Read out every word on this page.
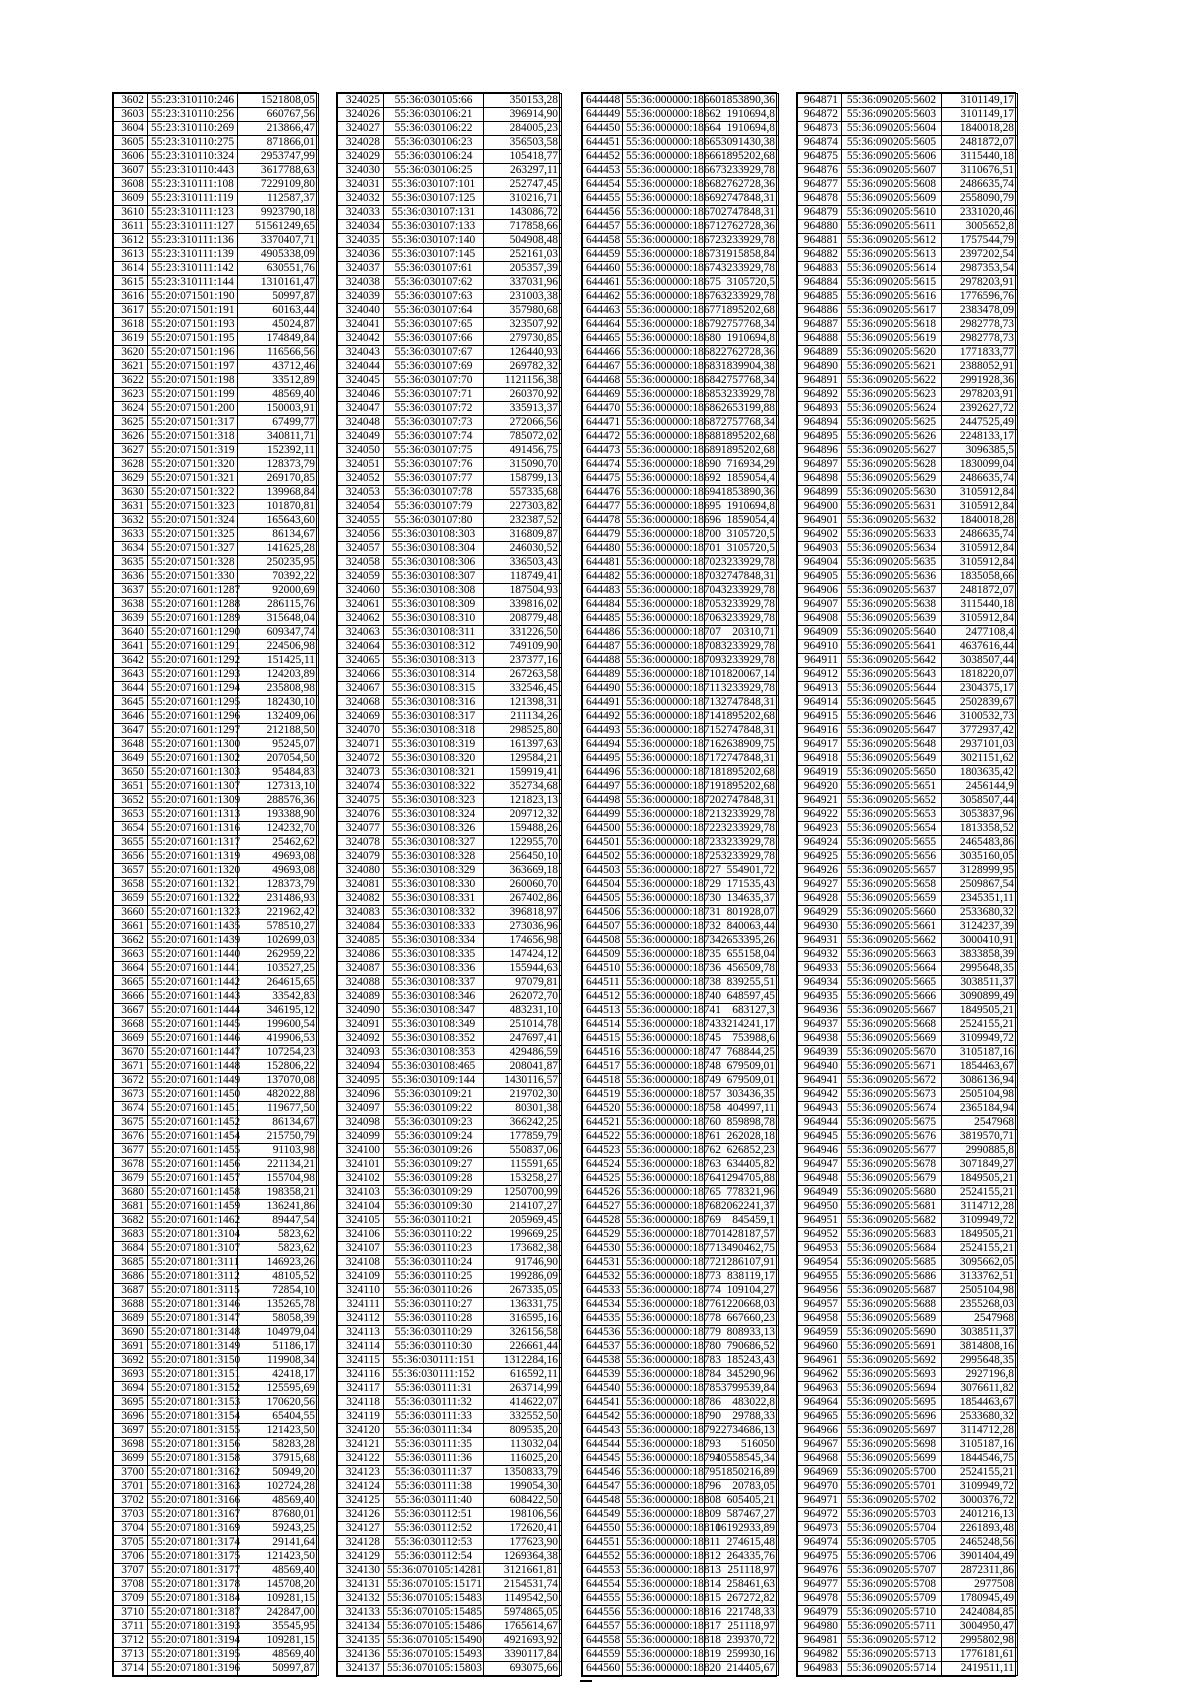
3602	55:23:310110:246	1521808,05
3603	55:23:310110:256	660767,56
3604	55:23:310110:269	213866,47
3605	55:23:310110:275	871866,01
3606	55:23:310110:324	2953747,99
3607	55:23:310110:443	3617788,63
3608	55:23:310111:108	7229109,80
3609	55:23:310111:119	112587,37
3610	55:23:310111:123	9923790,18
3611	55:23:310111:127	51561249,65
3612	55:23:310111:136	3370407,71
3613	55:23:310111:139	4905338,09
3614	55:23:310111:142	630551,76
3615	55:23:310111:144	1310161,47
3616	55:20:071501:190	50997,87
3617	55:20:071501:191	60163,44
3618	55:20:071501:193	45024,87
3619	55:20:071501:195	174849,84
3620	55:20:071501:196	116566,56
3621	55:20:071501:197	43712,46
3622	55:20:071501:198	33512,89
3623	55:20:071501:199	48569,40
3624	55:20:071501:200	150003,91
3625	55:20:071501:317	67499,77
3626	55:20:071501:318	340811,71
3627	55:20:071501:319	152392,11
3628	55:20:071501:320	128373,79
3629	55:20:071501:321	269170,85
3630	55:20:071501:322	139968,84
3631	55:20:071501:323	101870,81
3632	55:20:071501:324	165643,60
3633	55:20:071501:325	86134,67
3634	55:20:071501:327	141625,28
3635	55:20:071501:328	250235,95
3636	55:20:071501:330	70392,22
3637	55:20:071601:1287	92000,69
3638	55:20:071601:1288	286115,76
3639	55:20:071601:1289	315648,04
3640	55:20:071601:1290	609347,74
3641	55:20:071601:1291	224506,98
3642	55:20:071601:1292	151425,11
3643	55:20:071601:1293	124203,89
3644	55:20:071601:1294	235808,98
3645	55:20:071601:1295	182430,10
3646	55:20:071601:1296	132409,06
3647	55:20:071601:1297	212188,50
3648	55:20:071601:1300	95245,07
3649	55:20:071601:1302	207054,50
3650	55:20:071601:1303	95484,83
3651	55:20:071601:1307	127313,10
3652	55:20:071601:1309	288576,36
3653	55:20:071601:1313	193388,90
3654	55:20:071601:1316	124232,70
3655	55:20:071601:1317	25462,62
3656	55:20:071601:1319	49693,08
3657	55:20:071601:1320	49693,08
3658	55:20:071601:1321	128373,79
3659	55:20:071601:1322	231486,93
3660	55:20:071601:1323	221962,42
3661	55:20:071601:1435	578510,27
3662	55:20:071601:1439	102699,03
3663	55:20:071601:1440	262959,22
3664	55:20:071601:1441	103527,25
3665	55:20:071601:1442	264615,65
3666	55:20:071601:1443	33542,83
3667	55:20:071601:1444	346195,12
3668	55:20:071601:1445	199600,54
3669	55:20:071601:1446	419906,53
3670	55:20:071601:1447	107254,23
3671	55:20:071601:1448	152806,22
3672	55:20:071601:1449	137070,08
3673	55:20:071601:1450	482022,88
3674	55:20:071601:1451	119677,50
3675	55:20:071601:1452	86134,67
3676	55:20:071601:1454	215750,79
3677	55:20:071601:1455	91103,98
3678	55:20:071601:1456	221134,21
3679	55:20:071601:1457	155704,98
3680	55:20:071601:1458	198358,21
3681	55:20:071601:1459	136241,86
3682	55:20:071601:1462	89447,54
3683	55:20:071801:3104	5823,62
3684	55:20:071801:3107	5823,62
3685	55:20:071801:3111	146923,26
3686	55:20:071801:3112	48105,52
3687	55:20:071801:3115	72854,10
3688	55:20:071801:3146	135265,78
3689	55:20:071801:3147	58058,39
3690	55:20:071801:3148	104979,04
3691	55:20:071801:3149	51186,17
3692	55:20:071801:3150	119908,34
3693	55:20:071801:3151	42418,17
3694	55:20:071801:3152	125595,69
3695	55:20:071801:3153	170620,56
3696	55:20:071801:3154	65404,55
3697	55:20:071801:3155	121423,50
3698	55:20:071801:3156	58283,28
3699	55:20:071801:3158	37915,68
3700	55:20:071801:3162	50949,20
3701	55:20:071801:3163	102724,28
3702	55:20:071801:3166	48569,40
3703	55:20:071801:3167	87680,01
3704	55:20:071801:3169	59243,25
3705	55:20:071801:3174	29141,64
3706	55:20:071801:3175	121423,50
3707	55:20:071801:3177	48569,40
3708	55:20:071801:3178	145708,20
3709	55:20:071801:3184	109281,15
3710	55:20:071801:3187	242847,00
3711	55:20:071801:3193	35545,95
3712	55:20:071801:3194	109281,15
3713	55:20:071801:3195	48569,40
3714	55:20:071801:3196	50997,87
324025	55:36:030105:66	350153,28
324026	55:36:030106:21	396914,90
324027	55:36:030106:22	284005,23
324028	55:36:030106:23	356503,58
324029	55:36:030106:24	105418,77
324030	55:36:030106:25	263297,11
324031	55:36:030107:101	252747,45
324032	55:36:030107:125	310216,71
324033	55:36:030107:131	143086,72
324034	55:36:030107:133	717858,66
324035	55:36:030107:140	504908,48
324036	55:36:030107:145	252161,03
324037	55:36:030107:61	205357,39
324038	55:36:030107:62	337031,96
324039	55:36:030107:63	231003,38
324040	55:36:030107:64	357980,68
324041	55:36:030107:65	323507,92
324042	55:36:030107:66	279730,85
324043	55:36:030107:67	126440,93
324044	55:36:030107:69	269782,32
324045	55:36:030107:70	1121156,38
324046	55:36:030107:71	260370,92
324047	55:36:030107:72	335913,37
324048	55:36:030107:73	272066,56
324049	55:36:030107:74	785072,02
324050	55:36:030107:75	491456,75
324051	55:36:030107:76	315090,70
324052	55:36:030107:77	158799,13
324053	55:36:030107:78	557335,68
324054	55:36:030107:79	227303,82
324055	55:36:030107:80	232387,52
324056	55:36:030108:303	316809,87
324057	55:36:030108:304	246030,52
324058	55:36:030108:306	336503,43
324059	55:36:030108:307	118749,41
324060	55:36:030108:308	187504,93
324061	55:36:030108:309	339816,02
324062	55:36:030108:310	208779,48
324063	55:36:030108:311	331226,50
324064	55:36:030108:312	749109,90
324065	55:36:030108:313	237377,16
324066	55:36:030108:314	267263,58
324067	55:36:030108:315	332546,45
324068	55:36:030108:316	121398,31
324069	55:36:030108:317	211134,26
324070	55:36:030108:318	298525,80
324071	55:36:030108:319	161397,63
324072	55:36:030108:320	129584,21
324073	55:36:030108:321	159919,41
324074	55:36:030108:322	352734,68
324075	55:36:030108:323	121823,13
324076	55:36:030108:324	209712,32
324077	55:36:030108:326	159488,26
324078	55:36:030108:327	122955,70
324079	55:36:030108:328	256450,10
324080	55:36:030108:329	363669,18
324081	55:36:030108:330	260060,70
324082	55:36:030108:331	267402,86
324083	55:36:030108:332	396818,97
324084	55:36:030108:333	273036,96
324085	55:36:030108:334	174656,98
324086	55:36:030108:335	147424,12
324087	55:36:030108:336	155944,63
324088	55:36:030108:337	97079,81
324089	55:36:030108:346	262072,70
324090	55:36:030108:347	483231,10
324091	55:36:030108:349	251014,78
324092	55:36:030108:352	247697,41
324093	55:36:030108:353	429486,59
324094	55:36:030108:465	208041,87
324095	55:36:030109:144	1430116,57
324096	55:36:030109:21	219702,30
324097	55:36:030109:22	80301,38
324098	55:36:030109:23	366242,25
324099	55:36:030109:24	177859,79
324100	55:36:030109:26	550837,06
324101	55:36:030109:27	115591,65
324102	55:36:030109:28	153258,27
324103	55:36:030109:29	1250700,99
324104	55:36:030109:30	214107,27
324105	55:36:030110:21	205969,45
324106	55:36:030110:22	199669,25
324107	55:36:030110:23	173682,38
324108	55:36:030110:24	91746,90
324109	55:36:030110:25	199286,09
324110	55:36:030110:26	267335,05
324111	55:36:030110:27	136331,75
324112	55:36:030110:28	316595,16
324113	55:36:030110:29	326156,58
324114	55:36:030110:30	226661,44
324115	55:36:030111:151	1312284,16
324116	55:36:030111:152	616592,11
324117	55:36:030111:31	263714,99
324118	55:36:030111:32	414622,07
324119	55:36:030111:33	332552,50
324120	55:36:030111:34	809535,20
324121	55:36:030111:35	113032,04
324122	55:36:030111:36	116025,20
324123	55:36:030111:37	1350833,79
324124	55:36:030111:38	199054,30
324125	55:36:030111:40	608422,50
324126	55:36:030112:51	198106,56
324127	55:36:030112:52	172620,41
324128	55:36:030112:53	177623,90
324129	55:36:030112:54	1269364,38
324130	55:36:070105:14281	3121661,81
324131	55:36:070105:15171	2154531,74
324132	55:36:070105:15483	1149542,50
324133	55:36:070105:15485	5974865,05
324134	55:36:070105:15486	1765614,67
324135	55:36:070105:15490	4921693,92
324136	55:36:070105:15493	3390117,84
324137	55:36:070105:15803	693075,66
644448	55:36:000000:18660	1853890,36
644449	55:36:000000:18662	1910694,8
644450	55:36:000000:18664	1910694,8
644451	55:36:000000:18665	3091430,38
644452	55:36:000000:18666	1895202,68
644453	55:36:000000:18667	3233929,78
644454	55:36:000000:18668	2762728,36
644455	55:36:000000:18669	2747848,31
644456	55:36:000000:18670	2747848,31
644457	55:36:000000:18671	2762728,36
644458	55:36:000000:18672	3233929,78
644459	55:36:000000:18673	1915858,84
644460	55:36:000000:18674	3233929,78
644461	55:36:000000:18675	3105720,5
644462	55:36:000000:18676	3233929,78
644463	55:36:000000:18677	1895202,68
644464	55:36:000000:18679	2757768,34
644465	55:36:000000:18680	1910694,8
644466	55:36:000000:18682	2762728,36
644467	55:36:000000:18683	1839904,38
644468	55:36:000000:18684	2757768,34
644469	55:36:000000:18685	3233929,78
644470	55:36:000000:18686	2653199,88
644471	55:36:000000:18687	2757768,34
644472	55:36:000000:18688	1895202,68
644473	55:36:000000:18689	1895202,68
644474	55:36:000000:18690	716934,29
644475	55:36:000000:18692	1859054,4
644476	55:36:000000:18694	1853890,36
644477	55:36:000000:18695	1910694,8
644478	55:36:000000:18696	1859054,4
644479	55:36:000000:18700	3105720,5
644480	55:36:000000:18701	3105720,5
644481	55:36:000000:18702	3233929,78
644482	55:36:000000:18703	2747848,31
644483	55:36:000000:18704	3233929,78
644484	55:36:000000:18705	3233929,78
644485	55:36:000000:18706	3233929,78
644486	55:36:000000:18707	20310,71
644487	55:36:000000:18708	3233929,78
644488	55:36:000000:18709	3233929,78
644489	55:36:000000:18710	1820067,14
644490	55:36:000000:18711	3233929,78
644491	55:36:000000:18713	2747848,31
644492	55:36:000000:18714	1895202,68
644493	55:36:000000:18715	2747848,31
644494	55:36:000000:18716	2638909,75
644495	55:36:000000:18717	2747848,31
644496	55:36:000000:18718	1895202,68
644497	55:36:000000:18719	1895202,68
644498	55:36:000000:18720	2747848,31
644499	55:36:000000:18721	3233929,78
644500	55:36:000000:18722	3233929,78
644501	55:36:000000:18723	3233929,78
644502	55:36:000000:18725	3233929,78
644503	55:36:000000:18727	554901,72
644504	55:36:000000:18729	171535,43
644505	55:36:000000:18730	134635,37
644506	55:36:000000:18731	801928,07
644507	55:36:000000:18732	840063,44
644508	55:36:000000:18734	2653395,26
644509	55:36:000000:18735	655158,04
644510	55:36:000000:18736	456509,78
644511	55:36:000000:18738	839255,51
644512	55:36:000000:18740	648597,45
644513	55:36:000000:18741	683127,3
644514	55:36:000000:18743	3214241,17
644515	55:36:000000:18745	753988,6
644516	55:36:000000:18747	768844,25
644517	55:36:000000:18748	679509,01
644518	55:36:000000:18749	679509,01
644519	55:36:000000:18757	303436,35
644520	55:36:000000:18758	404997,11
644521	55:36:000000:18760	859898,78
644522	55:36:000000:18761	262028,18
644523	55:36:000000:18762	626852,23
644524	55:36:000000:18763	634405,82
644525	55:36:000000:18764	1294705,88
644526	55:36:000000:18765	778321,96
644527	55:36:000000:18768	2062241,37
644528	55:36:000000:18769	845459,1
644529	55:36:000000:18770	1428187,57
644530	55:36:000000:18771	3490462,75
644531	55:36:000000:18772	1286107,91
644532	55:36:000000:18773	838119,17
644533	55:36:000000:18774	109104,27
644534	55:36:000000:18776	1220668,03
644535	55:36:000000:18778	667660,23
644536	55:36:000000:18779	808933,13
644537	55:36:000000:18780	790686,52
644538	55:36:000000:18783	185243,43
644539	55:36:000000:18784	345290,96
644540	55:36:000000:18785	3799539,84
644541	55:36:000000:18786	483022,8
644542	55:36:000000:18790	29788,33
644543	55:36:000000:18792	2734686,13
644544	55:36:000000:18793	516050
644545	55:36:000000:18794	10558545,34
644546	55:36:000000:18795	1850216,89
644547	55:36:000000:18796	20783,05
644548	55:36:000000:18808	605405,21
644549	55:36:000000:18809	587467,27
644550	55:36:000000:18810	16192933,89
644551	55:36:000000:18811	274615,48
644552	55:36:000000:18812	264335,76
644553	55:36:000000:18813	251118,97
644554	55:36:000000:18814	258461,63
644555	55:36:000000:18815	267272,82
644556	55:36:000000:18816	221748,33
644557	55:36:000000:18817	251118,97
644558	55:36:000000:18818	239370,72
644559	55:36:000000:18819	259930,16
644560	55:36:000000:18820	214405,67
964871	55:36:090205:5602	3101149,17
964872	55:36:090205:5603	3101149,17
964873	55:36:090205:5604	1840018,28
964874	55:36:090205:5605	2481872,07
964875	55:36:090205:5606	3115440,18
964876	55:36:090205:5607	3110676,51
964877	55:36:090205:5608	2486635,74
964878	55:36:090205:5609	2558090,79
964879	55:36:090205:5610	2331020,46
964880	55:36:090205:5611	3005652,8
964881	55:36:090205:5612	1757544,79
964882	55:36:090205:5613	2397202,54
964883	55:36:090205:5614	2987353,54
964884	55:36:090205:5615	2978203,91
964885	55:36:090205:5616	1776596,76
964886	55:36:090205:5617	2383478,09
964887	55:36:090205:5618	2982778,73
964888	55:36:090205:5619	2982778,73
964889	55:36:090205:5620	1771833,77
964890	55:36:090205:5621	2388052,91
964891	55:36:090205:5622	2991928,36
964892	55:36:090205:5623	2978203,91
964893	55:36:090205:5624	2392627,72
964894	55:36:090205:5625	2447525,49
964895	55:36:090205:5626	2248133,17
964896	55:36:090205:5627	3096385,5
964897	55:36:090205:5628	1830099,04
964898	55:36:090205:5629	2486635,74
964899	55:36:090205:5630	3105912,84
964900	55:36:090205:5631	3105912,84
964901	55:36:090205:5632	1840018,28
964902	55:36:090205:5633	2486635,74
964903	55:36:090205:5634	3105912,84
964904	55:36:090205:5635	3105912,84
964905	55:36:090205:5636	1835058,66
964906	55:36:090205:5637	2481872,07
964907	55:36:090205:5638	3115440,18
964908	55:36:090205:5639	3105912,84
964909	55:36:090205:5640	2477108,4
964910	55:36:090205:5641	4637616,44
964911	55:36:090205:5642	3038507,44
964912	55:36:090205:5643	1818220,07
964913	55:36:090205:5644	2304375,17
964914	55:36:090205:5645	2502839,67
964915	55:36:090205:5646	3100532,73
964916	55:36:090205:5647	3772937,42
964917	55:36:090205:5648	2937101,03
964918	55:36:090205:5649	3021151,62
964919	55:36:090205:5650	1803635,42
964920	55:36:090205:5651	2456144,9
964921	55:36:090205:5652	3058507,44
964922	55:36:090205:5653	3053837,96
964923	55:36:090205:5654	1813358,52
964924	55:36:090205:5655	2465483,86
964925	55:36:090205:5656	3035160,05
964926	55:36:090205:5657	3128999,95
964927	55:36:090205:5658	2509867,54
964928	55:36:090205:5659	2345351,11
964929	55:36:090205:5660	2533680,32
964930	55:36:090205:5661	3124237,39
964931	55:36:090205:5662	3000410,91
964932	55:36:090205:5663	3833858,39
964933	55:36:090205:5664	2995648,35
964934	55:36:090205:5665	3038511,37
964935	55:36:090205:5666	3090899,49
964936	55:36:090205:5667	1849505,21
964937	55:36:090205:5668	2524155,21
964938	55:36:090205:5669	3109949,72
964939	55:36:090205:5670	3105187,16
964940	55:36:090205:5671	1854463,67
964941	55:36:090205:5672	3086136,94
964942	55:36:090205:5673	2505104,98
964943	55:36:090205:5674	2365184,94
964944	55:36:090205:5675	2547968
964945	55:36:090205:5676	3819570,71
964946	55:36:090205:5677	2990885,8
964947	55:36:090205:5678	3071849,27
964948	55:36:090205:5679	1849505,21
964949	55:36:090205:5680	2524155,21
964950	55:36:090205:5681	3114712,28
964951	55:36:090205:5682	3109949,72
964952	55:36:090205:5683	1849505,21
964953	55:36:090205:5684	2524155,21
964954	55:36:090205:5685	3095662,05
964955	55:36:090205:5686	3133762,51
964956	55:36:090205:5687	2505104,98
964957	55:36:090205:5688	2355268,03
964958	55:36:090205:5689	2547968
964959	55:36:090205:5690	3038511,37
964960	55:36:090205:5691	3814808,16
964961	55:36:090205:5692	2995648,35
964962	55:36:090205:5693	2927196,8
964963	55:36:090205:5694	3076611,82
964964	55:36:090205:5695	1854463,67
964965	55:36:090205:5696	2533680,32
964966	55:36:090205:5697	3114712,28
964967	55:36:090205:5698	3105187,16
964968	55:36:090205:5699	1844546,75
964969	55:36:090205:5700	2524155,21
964970	55:36:090205:5701	3109949,72
964971	55:36:090205:5702	3000376,72
964972	55:36:090205:5703	2401216,13
964973	55:36:090205:5704	2261893,48
964974	55:36:090205:5705	2465248,56
964975	55:36:090205:5706	3901404,49
964976	55:36:090205:5707	2872311,86
964977	55:36:090205:5708	2977508
964978	55:36:090205:5709	1780945,49
964979	55:36:090205:5710	2424084,85
964980	55:36:090205:5711	3004950,47
964981	55:36:090205:5712	2995802,98
964982	55:36:090205:5713	1776181,61
964983	55:36:090205:5714	2419511,11
